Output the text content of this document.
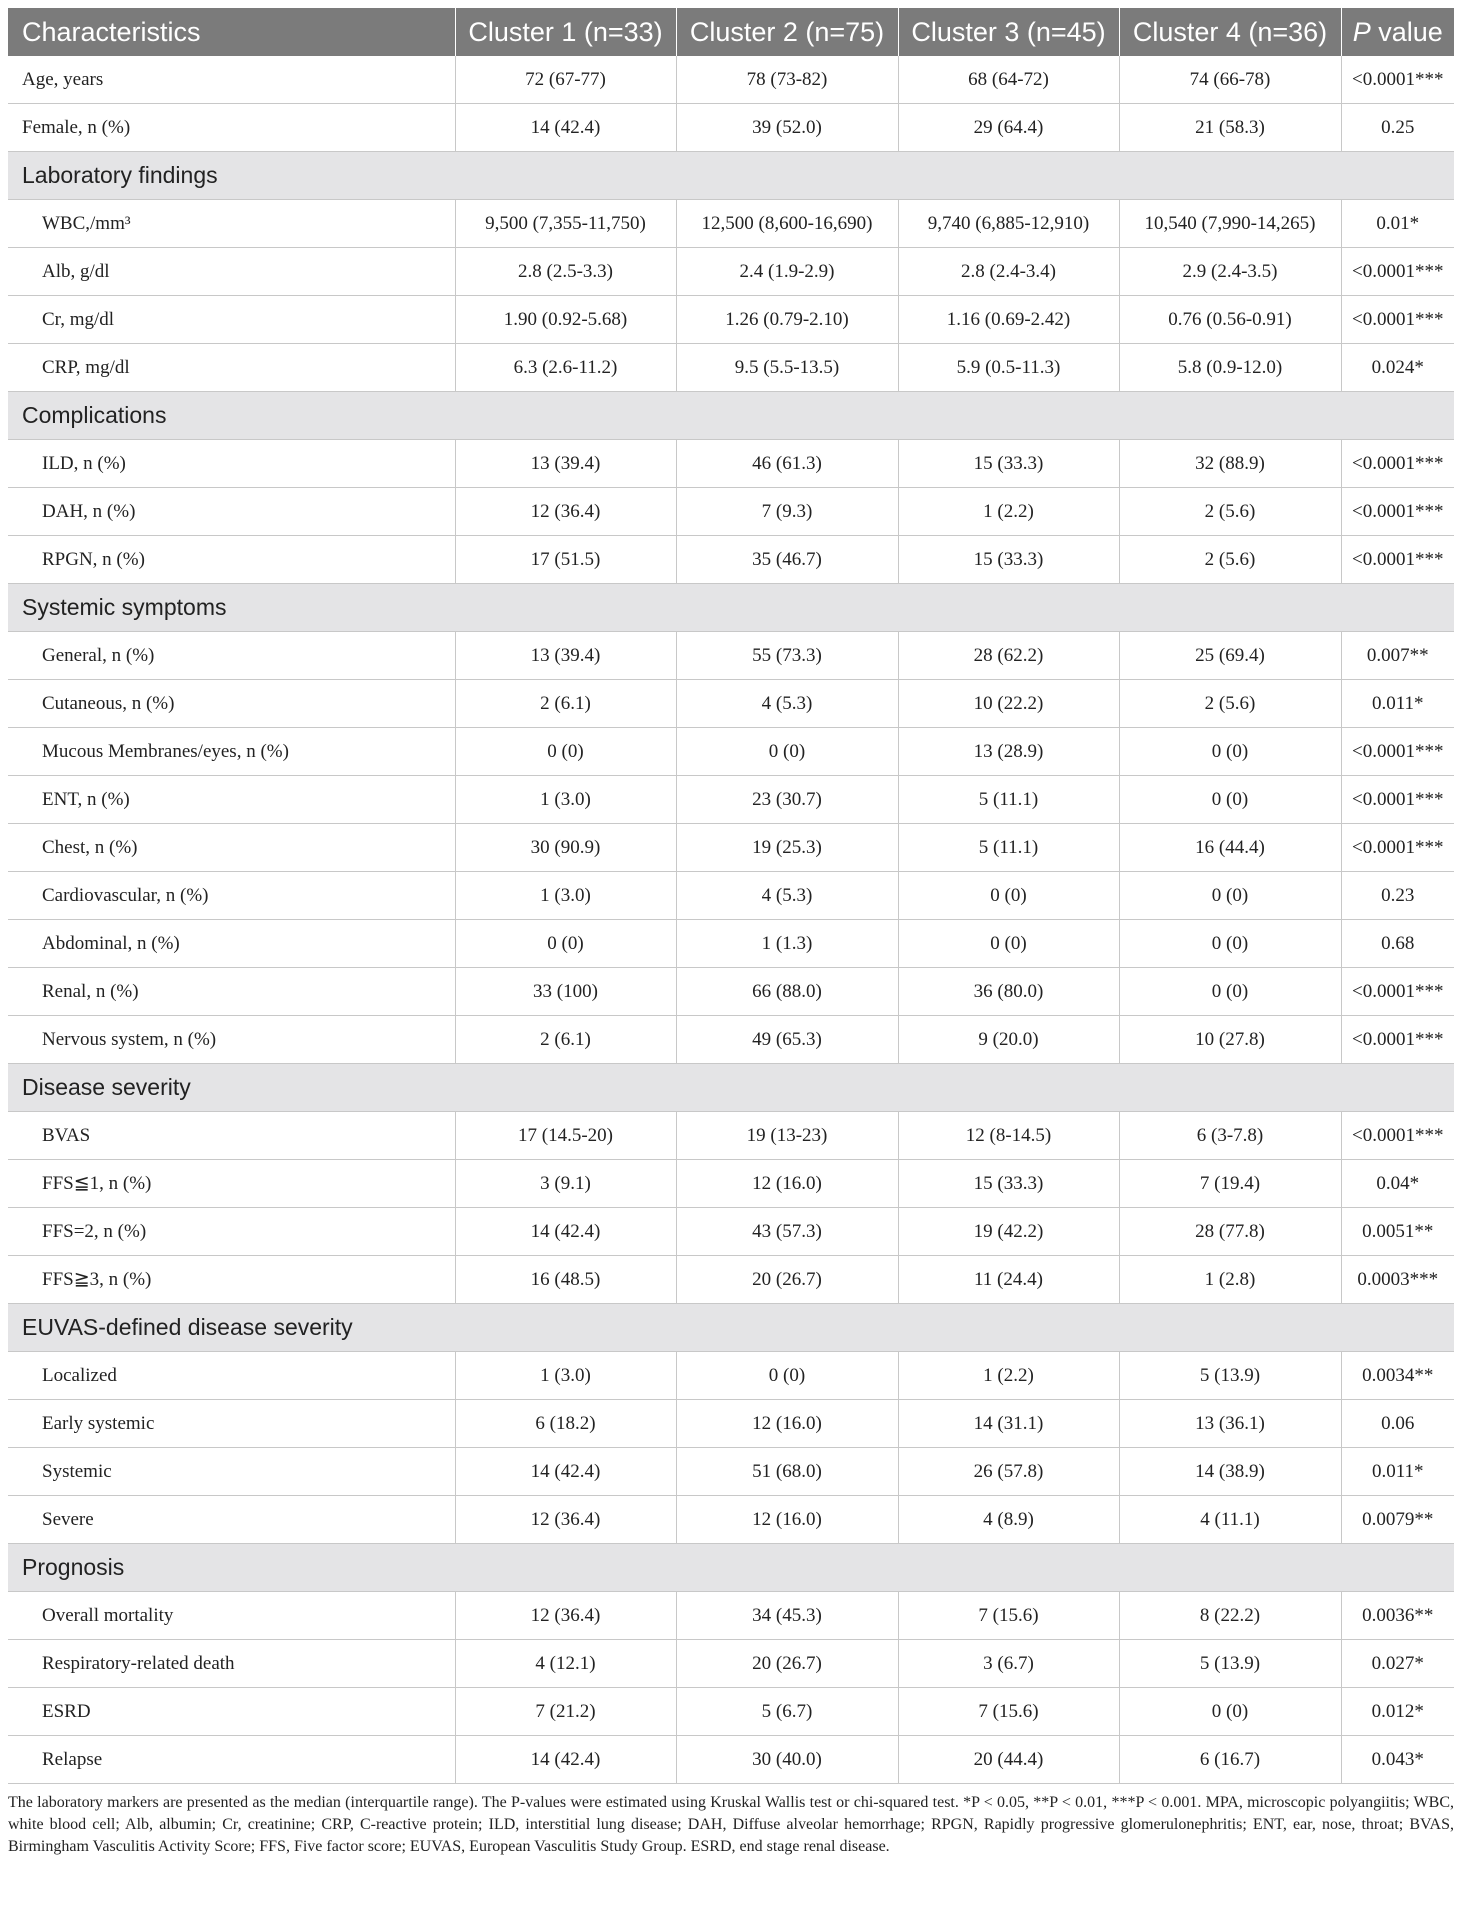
Characteristics	Cluster 1 (n=33)	Cluster 2 (n=75)	Cluster 3 (n=45)	Cluster 4 (n=36)	P value
Age, years	72 (67-77)	78 (73-82)	68 (64-72)	74 (66-78)	<0.0001***
Female, n (%)	14 (42.4)	39 (52.0)	29 (64.4)	21 (58.3)	0.25
Laboratory findings					
WBC,/mm³	9,500 (7,355-11,750)	12,500 (8,600-16,690)	9,740 (6,885-12,910)	10,540 (7,990-14,265)	0.01*
Alb, g/dl	2.8 (2.5-3.3)	2.4 (1.9-2.9)	2.8 (2.4-3.4)	2.9 (2.4-3.5)	<0.0001***
Cr, mg/dl	1.90 (0.92-5.68)	1.26 (0.79-2.10)	1.16 (0.69-2.42)	0.76 (0.56-0.91)	<0.0001***
CRP, mg/dl	6.3 (2.6-11.2)	9.5 (5.5-13.5)	5.9 (0.5-11.3)	5.8 (0.9-12.0)	0.024*
Complications					
ILD, n (%)	13 (39.4)	46 (61.3)	15 (33.3)	32 (88.9)	<0.0001***
DAH, n (%)	12 (36.4)	7 (9.3)	1 (2.2)	2 (5.6)	<0.0001***
RPGN, n (%)	17 (51.5)	35 (46.7)	15 (33.3)	2 (5.6)	<0.0001***
Systemic symptoms					
General, n (%)	13 (39.4)	55 (73.3)	28 (62.2)	25 (69.4)	0.007**
Cutaneous, n (%)	2 (6.1)	4 (5.3)	10 (22.2)	2 (5.6)	0.011*
Mucous Membranes/eyes, n (%)	0 (0)	0 (0)	13 (28.9)	0 (0)	<0.0001***
ENT, n (%)	1 (3.0)	23 (30.7)	5 (11.1)	0 (0)	<0.0001***
Chest, n (%)	30 (90.9)	19 (25.3)	5 (11.1)	16 (44.4)	<0.0001***
Cardiovascular, n (%)	1 (3.0)	4 (5.3)	0 (0)	0 (0)	0.23
Abdominal, n (%)	0 (0)	1 (1.3)	0 (0)	0 (0)	0.68
Renal, n (%)	33 (100)	66 (88.0)	36 (80.0)	0 (0)	<0.0001***
Nervous system, n (%)	2 (6.1)	49 (65.3)	9 (20.0)	10 (27.8)	<0.0001***
Disease severity					
BVAS	17 (14.5-20)	19 (13-23)	12 (8-14.5)	6 (3-7.8)	<0.0001***
FFS≦1, n (%)	3 (9.1)	12 (16.0)	15 (33.3)	7 (19.4)	0.04*
FFS=2, n (%)	14 (42.4)	43 (57.3)	19 (42.2)	28 (77.8)	0.0051**
FFS≧3, n (%)	16 (48.5)	20 (26.7)	11 (24.4)	1 (2.8)	0.0003***
EUVAS-defined disease severity					
Localized	1 (3.0)	0 (0)	1 (2.2)	5 (13.9)	0.0034**
Early systemic	6 (18.2)	12 (16.0)	14 (31.1)	13 (36.1)	0.06
Systemic	14 (42.4)	51 (68.0)	26 (57.8)	14 (38.9)	0.011*
Severe	12 (36.4)	12 (16.0)	4 (8.9)	4 (11.1)	0.0079**
Prognosis					
Overall mortality	12 (36.4)	34 (45.3)	7 (15.6)	8 (22.2)	0.0036**
Respiratory-related death	4 (12.1)	20 (26.7)	3 (6.7)	5 (13.9)	0.027*
ESRD	7 (21.2)	5 (6.7)	7 (15.6)	0 (0)	0.012*
Relapse	14 (42.4)	30 (40.0)	20 (44.4)	6 (16.7)	0.043*
The laboratory markers are presented as the median (interquartile range). The P-values were estimated using Kruskal Wallis test or chi-squared test. *P < 0.05, **P < 0.01, ***P < 0.001. MPA, microscopic polyangiitis; WBC, white blood cell; Alb, albumin; Cr, creatinine; CRP, C-reactive protein; ILD, interstitial lung disease; DAH, Diffuse alveolar hemorrhage; RPGN, Rapidly progressive glomerulonephritis; ENT, ear, nose, throat; BVAS, Birmingham Vasculitis Activity Score; FFS, Five factor score; EUVAS, European Vasculitis Study Group. ESRD, end stage renal disease.
